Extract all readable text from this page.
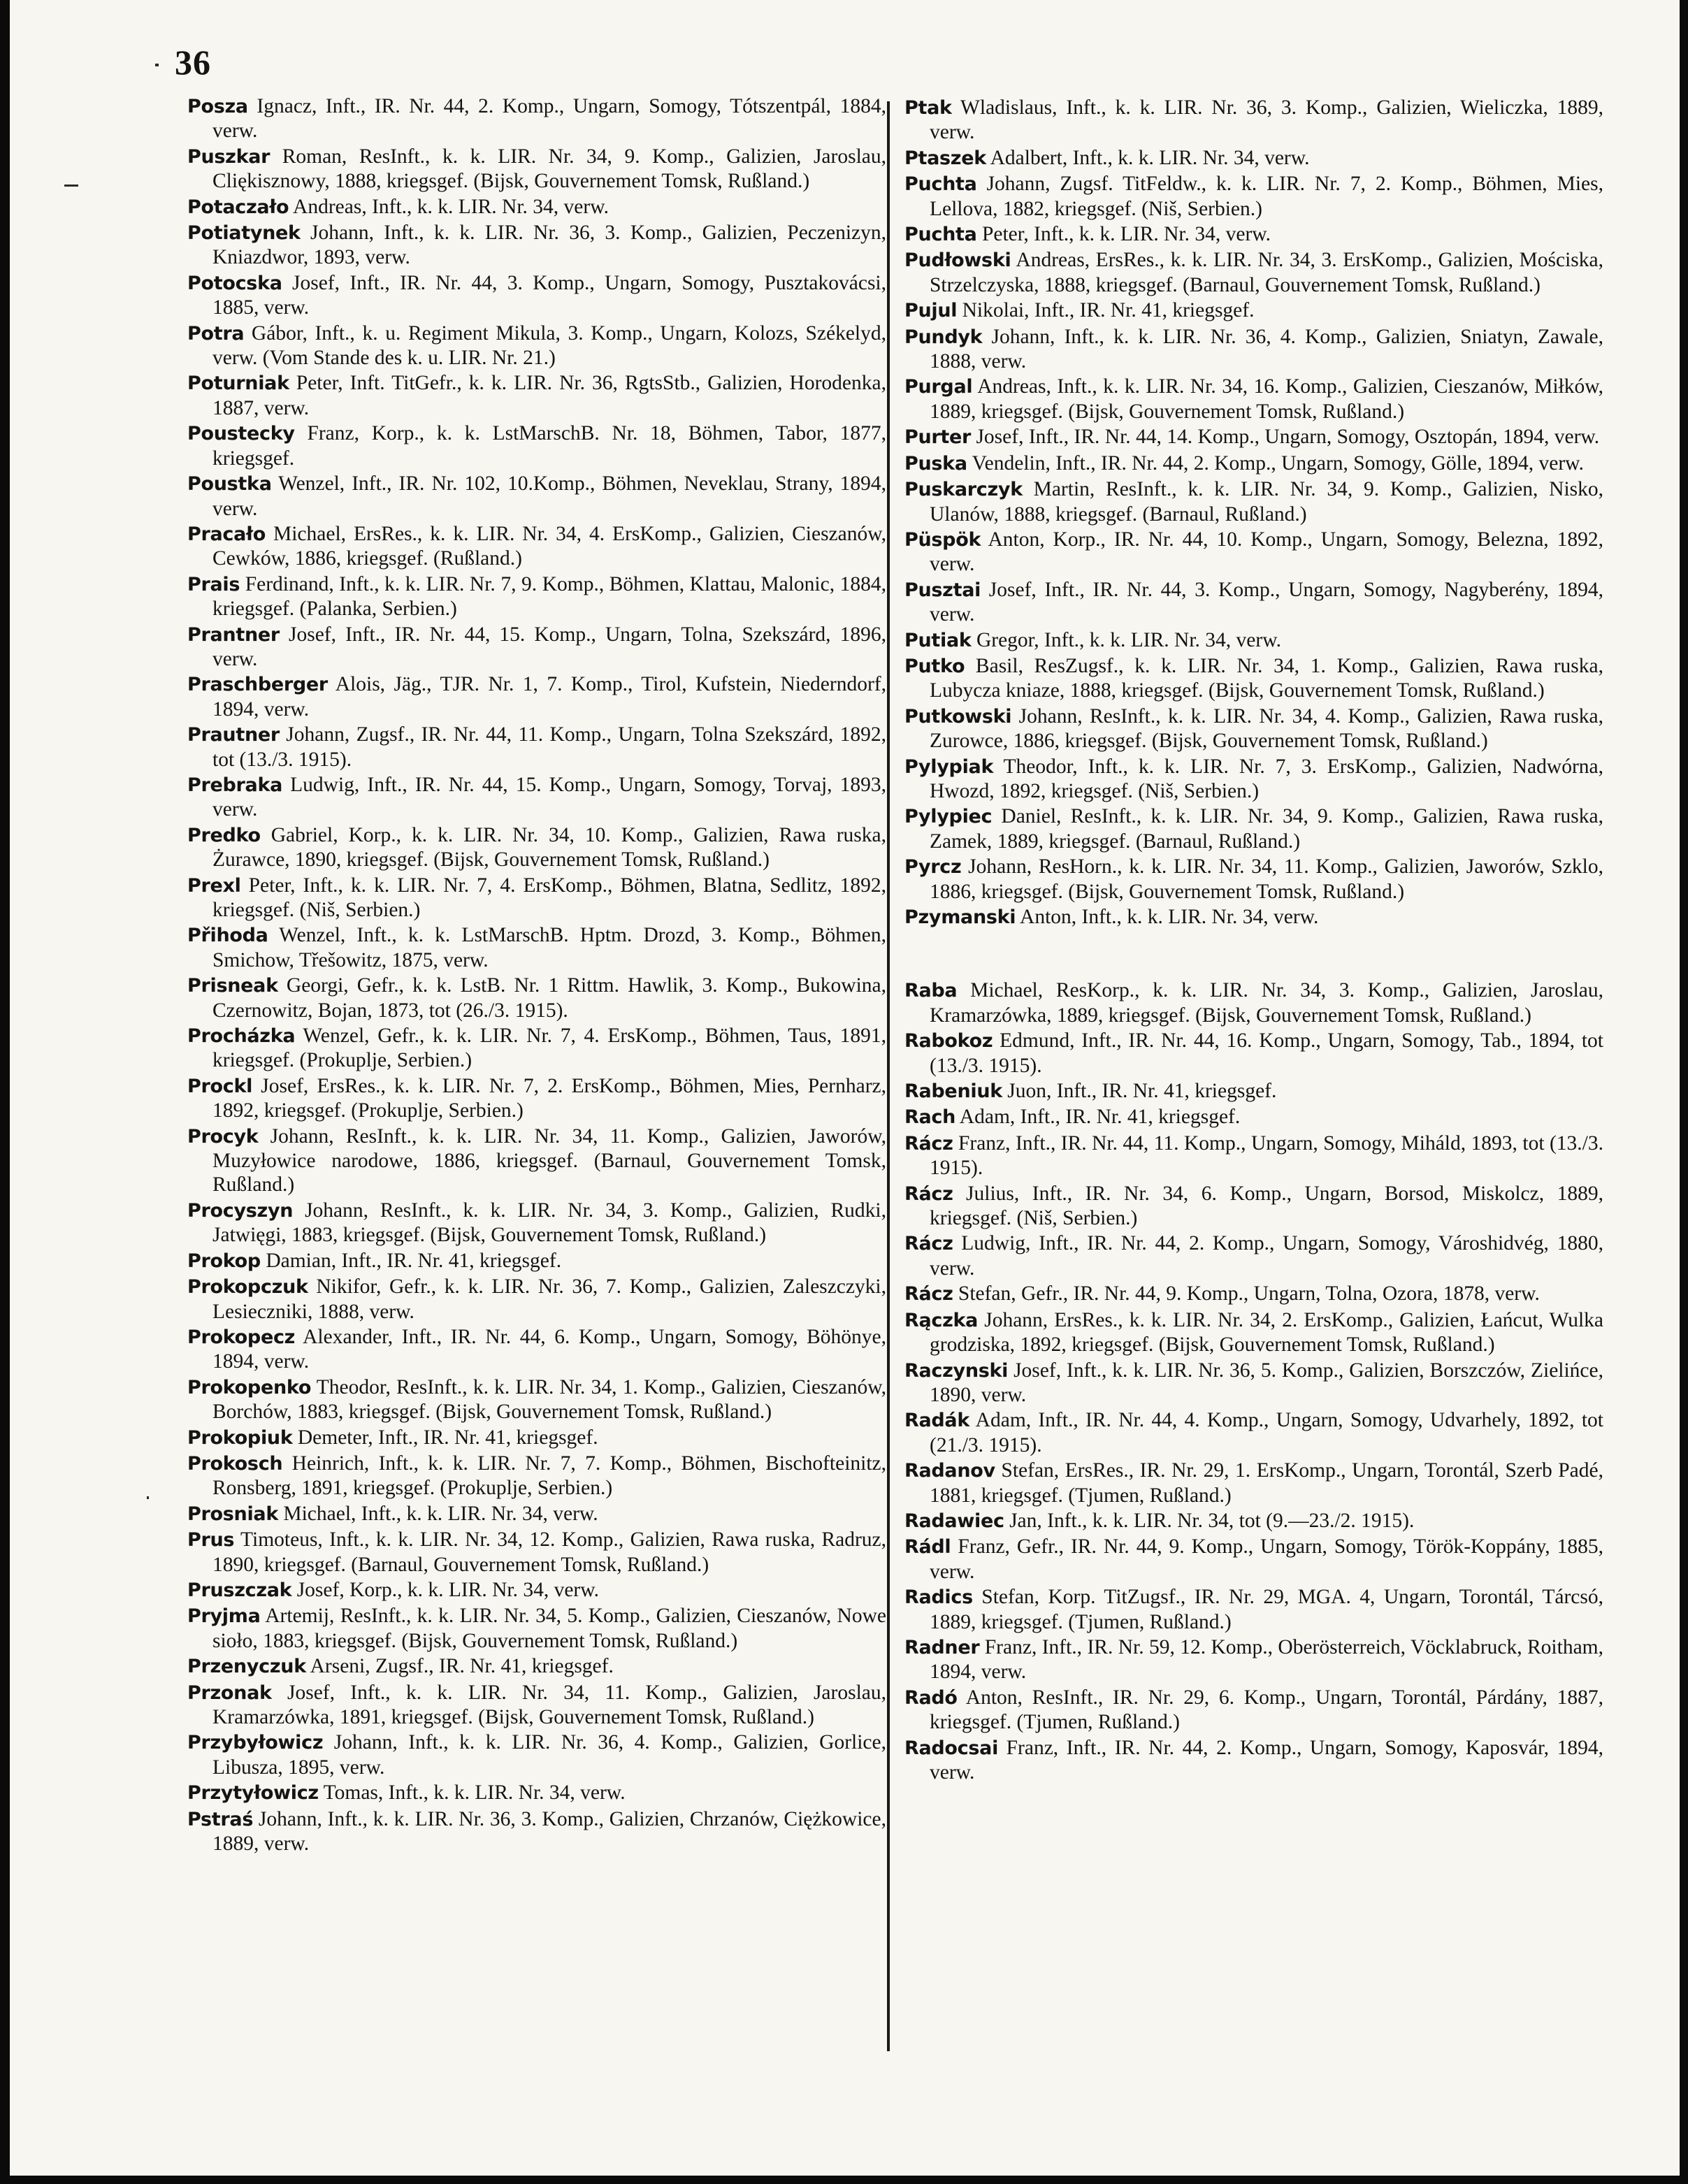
36
Posza Ignacz, Inft., IR. Nr. 44, 2. Komp., Ungarn, Somogy, Tótszentpál, 1884, verw.
Puszkar Roman, ResInft., k. k. LIR. Nr. 34, 9. Komp., Galizien, Jaroslau, Cliękisznowy, 1888, kriegsgef. (Bijsk, Gouvernement Tomsk, Rußland.)
Potaczało Andreas, Inft., k. k. LIR. Nr. 34, verw.
Potiatynek Johann, Inft., k. k. LIR. Nr. 36, 3. Komp., Galizien, Peczenizyn, Kniazdwor, 1893, verw.
Potocska Josef, Inft., IR. Nr. 44, 3. Komp., Ungarn, Somogy, Pusztakovácsi, 1885, verw.
Potra Gábor, Inft., k. u. Regiment Mikula, 3. Komp., Ungarn, Kolozs, Székelyd, verw. (Vom Stande des k. u. LIR. Nr. 21.)
Poturniak Peter, Inft. TitGefr., k. k. LIR. Nr. 36, RgtsStb., Galizien, Horodenka, 1887, verw.
Poustecky Franz, Korp., k. k. LstMarschB. Nr. 18, Böhmen, Tabor, 1877, kriegsgef.
Poustka Wenzel, Inft., IR. Nr. 102, 10.Komp., Böhmen, Neveklau, Strany, 1894, verw.
Pracało Michael, ErsRes., k. k. LIR. Nr. 34, 4. ErsKomp., Galizien, Cieszanów, Cewków, 1886, kriegsgef. (Rußland.)
Prais Ferdinand, Inft., k. k. LIR. Nr. 7, 9. Komp., Böhmen, Klattau, Malonic, 1884, kriegsgef. (Palanka, Serbien.)
Prantner Josef, Inft., IR. Nr. 44, 15. Komp., Ungarn, Tolna, Szekszárd, 1896, verw.
Praschberger Alois, Jäg., TJR. Nr. 1, 7. Komp., Tirol, Kufstein, Niederndorf, 1894, verw.
Prautner Johann, Zugsf., IR. Nr. 44, 11. Komp., Ungarn, Tolna Szekszárd, 1892, tot (13./3. 1915).
Prebraka Ludwig, Inft., IR. Nr. 44, 15. Komp., Ungarn, Somogy, Torvaj, 1893, verw.
Predko Gabriel, Korp., k. k. LIR. Nr. 34, 10. Komp., Galizien, Rawa ruska, Żurawce, 1890, kriegsgef. (Bijsk, Gouvernement Tomsk, Rußland.)
Prexl Peter, Inft., k. k. LIR. Nr. 7, 4. ErsKomp., Böhmen, Blatna, Sedlitz, 1892, kriegsgef. (Niš, Serbien.)
Přihoda Wenzel, Inft., k. k. LstMarschB. Hptm. Drozd, 3. Komp., Böhmen, Smichow, Třešowitz, 1875, verw.
Prisneak Georgi, Gefr., k. k. LstB. Nr. 1 Rittm. Hawlik, 3. Komp., Bukowina, Czernowitz, Bojan, 1873, tot (26./3. 1915).
Procházka Wenzel, Gefr., k. k. LIR. Nr. 7, 4. ErsKomp., Böhmen, Taus, 1891, kriegsgef. (Prokuplje, Serbien.)
Prockl Josef, ErsRes., k. k. LIR. Nr. 7, 2. ErsKomp., Böhmen, Mies, Pernharz, 1892, kriegsgef. (Prokuplje, Serbien.)
Procyk Johann, ResInft., k. k. LIR. Nr. 34, 11. Komp., Galizien, Jaworów, Muzyłowice narodowe, 1886, kriegsgef. (Barnaul, Gouvernement Tomsk, Rußland.)
Procyszyn Johann, ResInft., k. k. LIR. Nr. 34, 3. Komp., Galizien, Rudki, Jatwięgi, 1883, kriegsgef. (Bijsk, Gouvernement Tomsk, Rußland.)
Prokop Damian, Inft., IR. Nr. 41, kriegsgef.
Prokopczuk Nikifor, Gefr., k. k. LIR. Nr. 36, 7. Komp., Galizien, Zaleszczyki, Lesieczniki, 1888, verw.
Prokopecz Alexander, Inft., IR. Nr. 44, 6. Komp., Ungarn, Somogy, Böhönye, 1894, verw.
Prokopenko Theodor, ResInft., k. k. LIR. Nr. 34, 1. Komp., Galizien, Cieszanów, Borchów, 1883, kriegsgef. (Bijsk, Gouvernement Tomsk, Rußland.)
Prokopiuk Demeter, Inft., IR. Nr. 41, kriegsgef.
Prokosch Heinrich, Inft., k. k. LIR. Nr. 7, 7. Komp., Böhmen, Bischofteinitz, Ronsberg, 1891, kriegsgef. (Prokuplje, Serbien.)
Prosniak Michael, Inft., k. k. LIR. Nr. 34, verw.
Prus Timoteus, Inft., k. k. LIR. Nr. 34, 12. Komp., Galizien, Rawa ruska, Radruz, 1890, kriegsgef. (Barnaul, Gouvernement Tomsk, Rußland.)
Pruszczak Josef, Korp., k. k. LIR. Nr. 34, verw.
Pryjma Artemij, ResInft., k. k. LIR. Nr. 34, 5. Komp., Galizien, Cieszanów, Nowe sioło, 1883, kriegsgef. (Bijsk, Gouvernement Tomsk, Rußland.)
Przenyczuk Arseni, Zugsf., IR. Nr. 41, kriegsgef.
Przonak Josef, Inft., k. k. LIR. Nr. 34, 11. Komp., Galizien, Jaroslau, Kramarzówka, 1891, kriegsgef. (Bijsk, Gouvernement Tomsk, Rußland.)
Przybyłowicz Johann, Inft., k. k. LIR. Nr. 36, 4. Komp., Galizien, Gorlice, Libusza, 1895, verw.
Przytyłowicz Tomas, Inft., k. k. LIR. Nr. 34, verw.
Pstraś Johann, Inft., k. k. LIR. Nr. 36, 3. Komp., Galizien, Chrzanów, Ciężkowice, 1889, verw.
Ptak Wladislaus, Inft., k. k. LIR. Nr. 36, 3. Komp., Galizien, Wieliczka, 1889, verw.
Ptaszek Adalbert, Inft., k. k. LIR. Nr. 34, verw.
Puchta Johann, Zugsf. TitFeldw., k. k. LIR. Nr. 7, 2. Komp., Böhmen, Mies, Lellova, 1882, kriegsgef. (Niš, Serbien.)
Puchta Peter, Inft., k. k. LIR. Nr. 34, verw.
Pudłowski Andreas, ErsRes., k. k. LIR. Nr. 34, 3. ErsKomp., Galizien, Mościska, Strzelczyska, 1888, kriegsgef. (Barnaul, Gouvernement Tomsk, Rußland.)
Pujul Nikolai, Inft., IR. Nr. 41, kriegsgef.
Pundyk Johann, Inft., k. k. LIR. Nr. 36, 4. Komp., Galizien, Sniatyn, Zawale, 1888, verw.
Purgal Andreas, Inft., k. k. LIR. Nr. 34, 16. Komp., Galizien, Cieszanów, Miłków, 1889, kriegsgef. (Bijsk, Gouvernement Tomsk, Rußland.)
Purter Josef, Inft., IR. Nr. 44, 14. Komp., Ungarn, Somogy, Osztopán, 1894, verw.
Puska Vendelin, Inft., IR. Nr. 44, 2. Komp., Ungarn, Somogy, Gölle, 1894, verw.
Puskarczyk Martin, ResInft., k. k. LIR. Nr. 34, 9. Komp., Galizien, Nisko, Ulanów, 1888, kriegsgef. (Barnaul, Rußland.)
Püspök Anton, Korp., IR. Nr. 44, 10. Komp., Ungarn, Somogy, Belezna, 1892, verw.
Pusztai Josef, Inft., IR. Nr. 44, 3. Komp., Ungarn, Somogy, Nagyberény, 1894, verw.
Putiak Gregor, Inft., k. k. LIR. Nr. 34, verw.
Putko Basil, ResZugsf., k. k. LIR. Nr. 34, 1. Komp., Galizien, Rawa ruska, Lubycza kniaze, 1888, kriegsgef. (Bijsk, Gouvernement Tomsk, Rußland.)
Putkowski Johann, ResInft., k. k. LIR. Nr. 34, 4. Komp., Galizien, Rawa ruska, Zurowce, 1886, kriegsgef. (Bijsk, Gouvernement Tomsk, Rußland.)
Pylypiak Theodor, Inft., k. k. LIR. Nr. 7, 3. ErsKomp., Galizien, Nadwórna, Hwozd, 1892, kriegsgef. (Niš, Serbien.)
Pylypiec Daniel, ResInft., k. k. LIR. Nr. 34, 9. Komp., Galizien, Rawa ruska, Zamek, 1889, kriegsgef. (Barnaul, Rußland.)
Pyrcz Johann, ResHorn., k. k. LIR. Nr. 34, 11. Komp., Galizien, Jaworów, Szklo, 1886, kriegsgef. (Bijsk, Gouvernement Tomsk, Rußland.)
Pzymanski Anton, Inft., k. k. LIR. Nr. 34, verw.
Raba Michael, ResKorp., k. k. LIR. Nr. 34, 3. Komp., Galizien, Jaroslau, Kramarzówka, 1889, kriegsgef. (Bijsk, Gouvernement Tomsk, Rußland.)
Rabokoz Edmund, Inft., IR. Nr. 44, 16. Komp., Ungarn, Somogy, Tab., 1894, tot (13./3. 1915).
Rabeniuk Juon, Inft., IR. Nr. 41, kriegsgef.
Rach Adam, Inft., IR. Nr. 41, kriegsgef.
Rácz Franz, Inft., IR. Nr. 44, 11. Komp., Ungarn, Somogy, Miháld, 1893, tot (13./3. 1915).
Rácz Julius, Inft., IR. Nr. 34, 6. Komp., Ungarn, Borsod, Miskolcz, 1889, kriegsgef. (Niš, Serbien.)
Rácz Ludwig, Inft., IR. Nr. 44, 2. Komp., Ungarn, Somogy, Városhidvég, 1880, verw.
Rácz Stefan, Gefr., IR. Nr. 44, 9. Komp., Ungarn, Tolna, Ozora, 1878, verw.
Rączka Johann, ErsRes., k. k. LIR. Nr. 34, 2. ErsKomp., Galizien, Łańcut, Wulka grodziska, 1892, kriegsgef. (Bijsk, Gouvernement Tomsk, Rußland.)
Raczynski Josef, Inft., k. k. LIR. Nr. 36, 5. Komp., Galizien, Borszczów, Zielińce, 1890, verw.
Radák Adam, Inft., IR. Nr. 44, 4. Komp., Ungarn, Somogy, Udvarhely, 1892, tot (21./3. 1915).
Radanov Stefan, ErsRes., IR. Nr. 29, 1. ErsKomp., Ungarn, Torontál, Szerb Padé, 1881, kriegsgef. (Tjumen, Rußland.)
Radawiec Jan, Inft., k. k. LIR. Nr. 34, tot (9.—23./2. 1915).
Rádl Franz, Gefr., IR. Nr. 44, 9. Komp., Ungarn, Somogy, Török-Koppány, 1885, verw.
Radics Stefan, Korp. TitZugsf., IR. Nr. 29, MGA. 4, Ungarn, Torontál, Tárcsó, 1889, kriegsgef. (Tjumen, Rußland.)
Radner Franz, Inft., IR. Nr. 59, 12. Komp., Oberösterreich, Vöcklabruck, Roitham, 1894, verw.
Radó Anton, ResInft., IR. Nr. 29, 6. Komp., Ungarn, Torontál, Párdány, 1887, kriegsgef. (Tjumen, Rußland.)
Radocsai Franz, Inft., IR. Nr. 44, 2. Komp., Ungarn, Somogy, Kaposvár, 1894, verw.
